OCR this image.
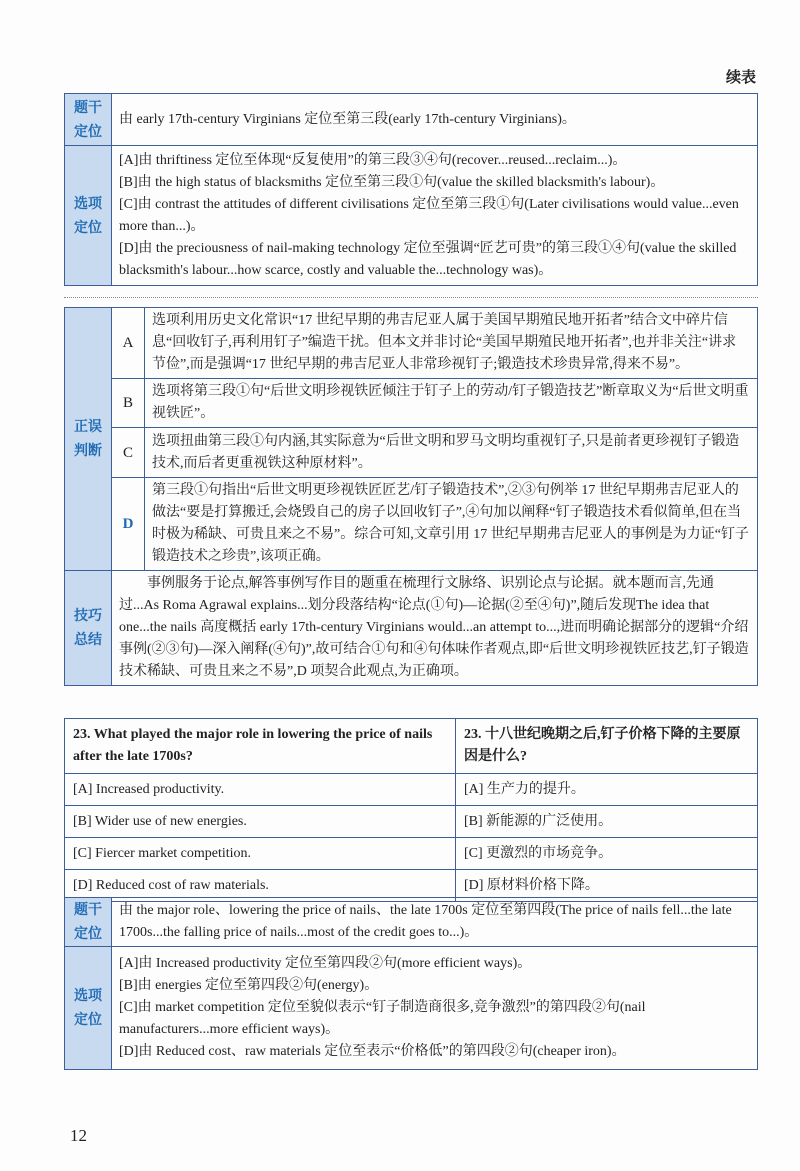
续表
题干定位	由 early 17th-century Virginians 定位至第三段(early 17th-century Virginians)。
选项定位	[A]由 thriftiness 定位至体现“反复使用”的第三段③④句(recover...reused...reclaim...)。

[B]由 the high status of blacksmiths 定位至第三段①句(value the skilled blacksmith's labour)。

[C]由 contrast the attitudes of different civilisations 定位至第三段①句(Later civilisations would value...even more than...)。

[D]由 the preciousness of nail-making technology 定位至强调“匠艺可贵”的第三段①④句(value the skilled blacksmith's labour...how scarce, costly and valuable the...technology was)。

正误判断	A	选项利用历史文化常识“17 世纪早期的弗吉尼亚人属于美国早期殖民地开拓者”结合文中碎片信息“回收钉子,再利用钉子”编造干扰。但本文并非讨论“美国早期殖民地开拓者”,也并非关注“讲求节俭”,而是强调“17 世纪早期的弗吉尼亚人非常珍视钉子;锻造技术珍贵异常,得来不易”。
	B	选项将第三段①句“后世文明珍视铁匠倾注于钉子上的劳动/钉子锻造技艺”断章取义为“后世文明重视铁匠”。
	C	选项扭曲第三段①句内涵,其实际意为“后世文明和罗马文明均重视钉子,只是前者更珍视钉子锻造技术,而后者更重视铁这种原材料”。
	D	第三段①句指出“后世文明更珍视铁匠匠艺/钉子锻造技术”,②③句例举 17 世纪早期弗吉尼亚人的做法“要是打算搬迁,会烧毁自己的房子以回收钉子”,④句加以阐释“钉子锻造技术看似简单,但在当时极为稀缺、可贵且来之不易”。综合可知,文章引用 17 世纪早期弗吉尼亚人的事例是为力证“钉子锻造技术之珍贵”,该项正确。
技巧总结	事例服务于论点,解答事例写作目的题重在梳理行文脉络、识别论点与论据。就本题而言,先通过...As Roma Agrawal explains...划分段落结构“论点(①句)—论据(②至④句)”,随后发现The idea that one...the nails 高度概括 early 17th-century Virginians would...an attempt to...,进而明确论据部分的逻辑“介绍事例(②③句)—深入阐释(④句)”,故可结合①句和④句体味作者观点,即“后世文明珍视铁匠技艺,钉子锻造技术稀缺、可贵且来之不易”,D 项契合此观点,为正确项。	
23. What played the major role in lowering the price of nails after the late 1700s?	23. 十八世纪晚期之后,钉子价格下降的主要原因是什么?
[A] Increased productivity.	[A] 生产力的提升。
[B] Wider use of new energies.	[B] 新能源的广泛使用。
[C] Fiercer market competition.	[C] 更激烈的市场竞争。
[D] Reduced cost of raw materials.	[D] 原材料价格下降。
题干定位	由 the major role、lowering the price of nails、the late 1700s 定位至第四段(The price of nails fell...the late 1700s...the falling price of nails...most of the credit goes to...)。
选项定位	[A]由 Increased productivity 定位至第四段②句(more efficient ways)。

[B]由 energies 定位至第四段②句(energy)。

[C]由 market competition 定位至貌似表示“钉子制造商很多,竞争激烈”的第四段②句(nail manufacturers...more efficient ways)。

[D]由 Reduced cost、raw materials 定位至表示“价格低”的第四段②句(cheaper iron)。

12
